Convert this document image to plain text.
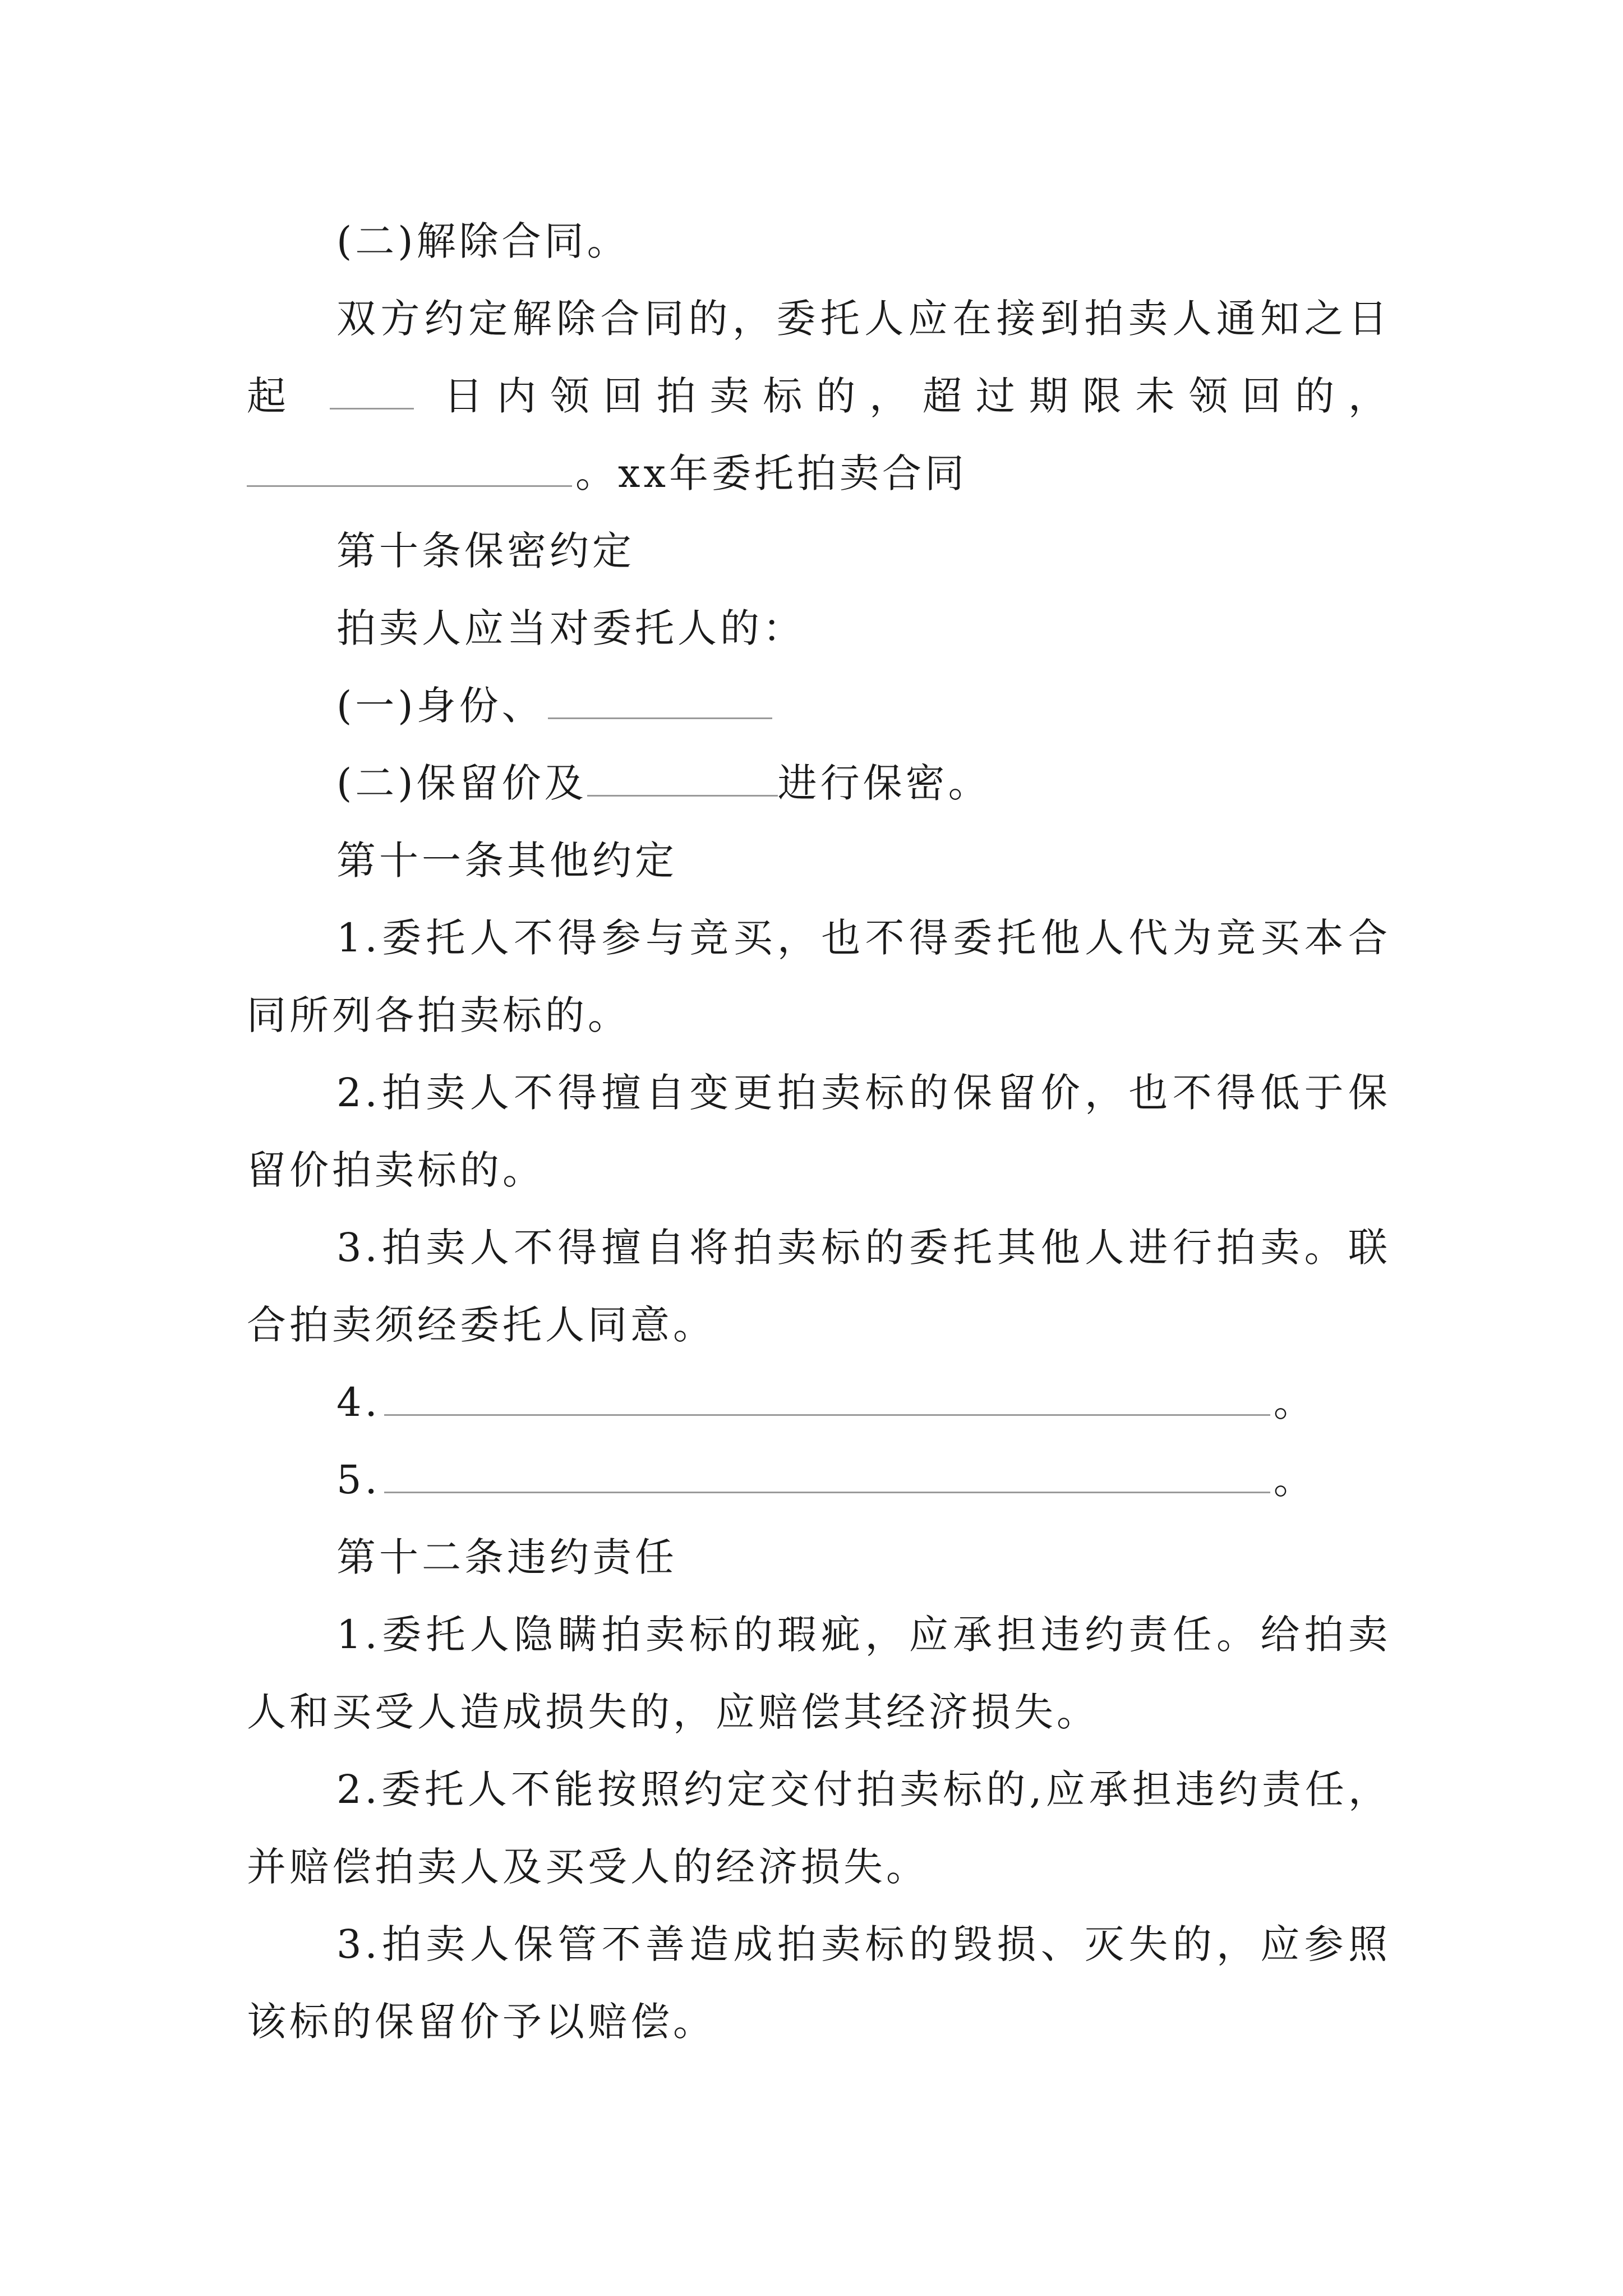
(二)解除合同。
双方约定解除合同的，委托人应在接到拍卖人通知之日
起	日内领回拍卖标的，超过期限未领回的，
。xx年委托拍卖合同
第十条保密约定
拍卖人应当对委托人的：
(一)身份、
(二)保留价及	进行保密。
第十一条其他约定
1.委托人不得参与竞买，也不得委托他人代为竞买本合
同所列各拍卖标的。
2.拍卖人不得擅自变更拍卖标的保留价，也不得低于保
留价拍卖标的。
3.拍卖人不得擅自将拍卖标的委托其他人进行拍卖。联
合拍卖须经委托人同意。
4.	。
5.	。
第十二条违约责任
1.委托人隐瞒拍卖标的瑕疵，应承担违约责任。给拍卖
人和买受人造成损失的，应赔偿其经济损失。
2.委托人不能按照约定交付拍卖标的,应承担违约责任，
并赔偿拍卖人及买受人的经济损失。
3.拍卖人保管不善造成拍卖标的毁损、灭失的，应参照
该标的保留价予以赔偿。
